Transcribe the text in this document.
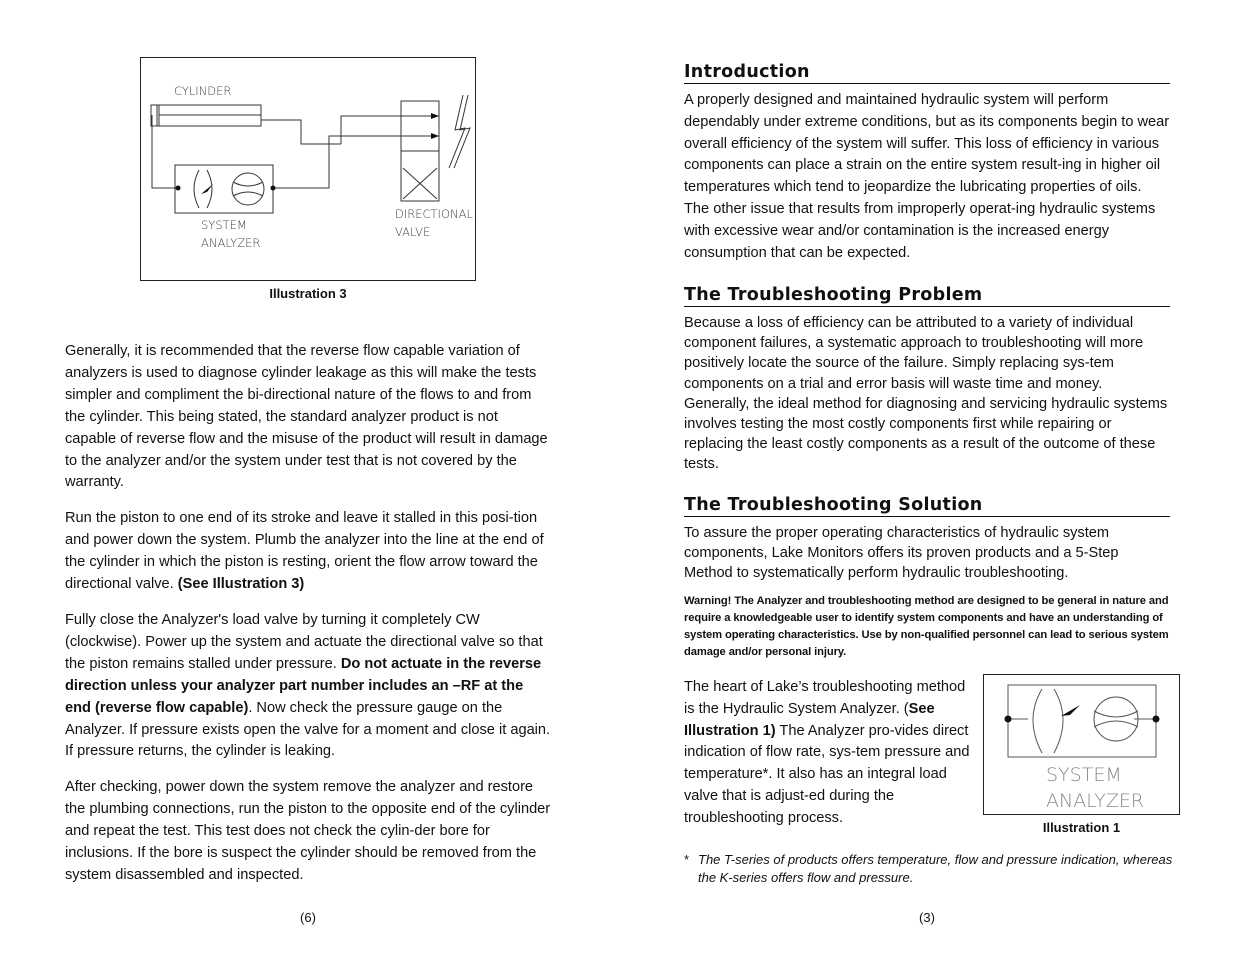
CYLINDER
SYSTEM
ANALYZER
DIRECTIONAL
VALVE
Illustration 3

Generally, it is recommended that the reverse flow capable variation of analyzers is used to diagnose cylinder leakage as this will make the tests simpler and compliment the bi-directional nature of the flows to and from the cylinder. This being stated, the standard analyzer product is not capable of reverse flow and the misuse of the product will result in damage to the analyzer and/or the system under test that is not covered by the warranty.

Run the piston to one end of its stroke and leave it stalled in this posi-tion and power down the system. Plumb the analyzer into the line at the end of the cylinder in which the piston is resting, orient the flow arrow toward the directional valve. (See Illustration 3)

Fully close the Analyzer's load valve by turning it completely CW (clockwise). Power up the system and actuate the directional valve so that the piston remains stalled under pressure. Do not actuate in the reverse direction unless your analyzer part number includes an –RF at the end (reverse flow capable). Now check the pressure gauge on the Analyzer. If pressure exists open the valve for a moment and close it again. If pressure returns, the cylinder is leaking.

After checking, power down the system remove the analyzer and restore the plumbing connections, run the piston to the opposite end of the cylinder and repeat the test. This test does not check the cylin-der bore for inclusions. If the bore is suspect the cylinder should be removed from the system disassembled and inspected.

(6)
Introduction
A properly designed and maintained hydraulic system will perform dependably under extreme conditions, but as its components begin to wear overall efficiency of the system will suffer. This loss of efficiency in various components can place a strain on the entire system result-ing in higher oil temperatures which tend to jeopardize the lubricating properties of oils. The other issue that results from improperly operat-ing hydraulic systems with excessive wear and/or contamination is the increased energy consumption that can be expected.
The Troubleshooting Problem
Because a loss of efficiency can be attributed to a variety of individual component failures, a systematic approach to troubleshooting will more positively locate the source of the failure. Simply replacing sys-tem components on a trial and error basis will waste time and money. Generally, the ideal method for diagnosing and servicing hydraulic systems involves testing the most costly components first while repairing or replacing the least costly components as a result of the outcome of these tests.
The Troubleshooting Solution
To assure the proper operating characteristics of hydraulic system components, Lake Monitors offers its proven products and a 5-Step Method to systematically perform hydraulic troubleshooting.
Warning! The Analyzer and troubleshooting method are designed to be general in nature and require a knowledgeable user to identify system components and have an understanding of system operating characteristics. Use by non-qualified personnel can lead to serious system damage and/or personal injury.
The heart of Lake’s troubleshooting method is the Hydraulic System Analyzer. (See Illustration 1) The Analyzer pro-vides direct indication of flow rate, sys-tem pressure and temperature*. It also has an integral load valve that is adjust-ed during the troubleshooting process.
SYSTEM
ANALYZER
Illustration 1
* The T-series of products offers temperature, flow and pressure indication, whereas the K-series offers flow and pressure.
(3)
